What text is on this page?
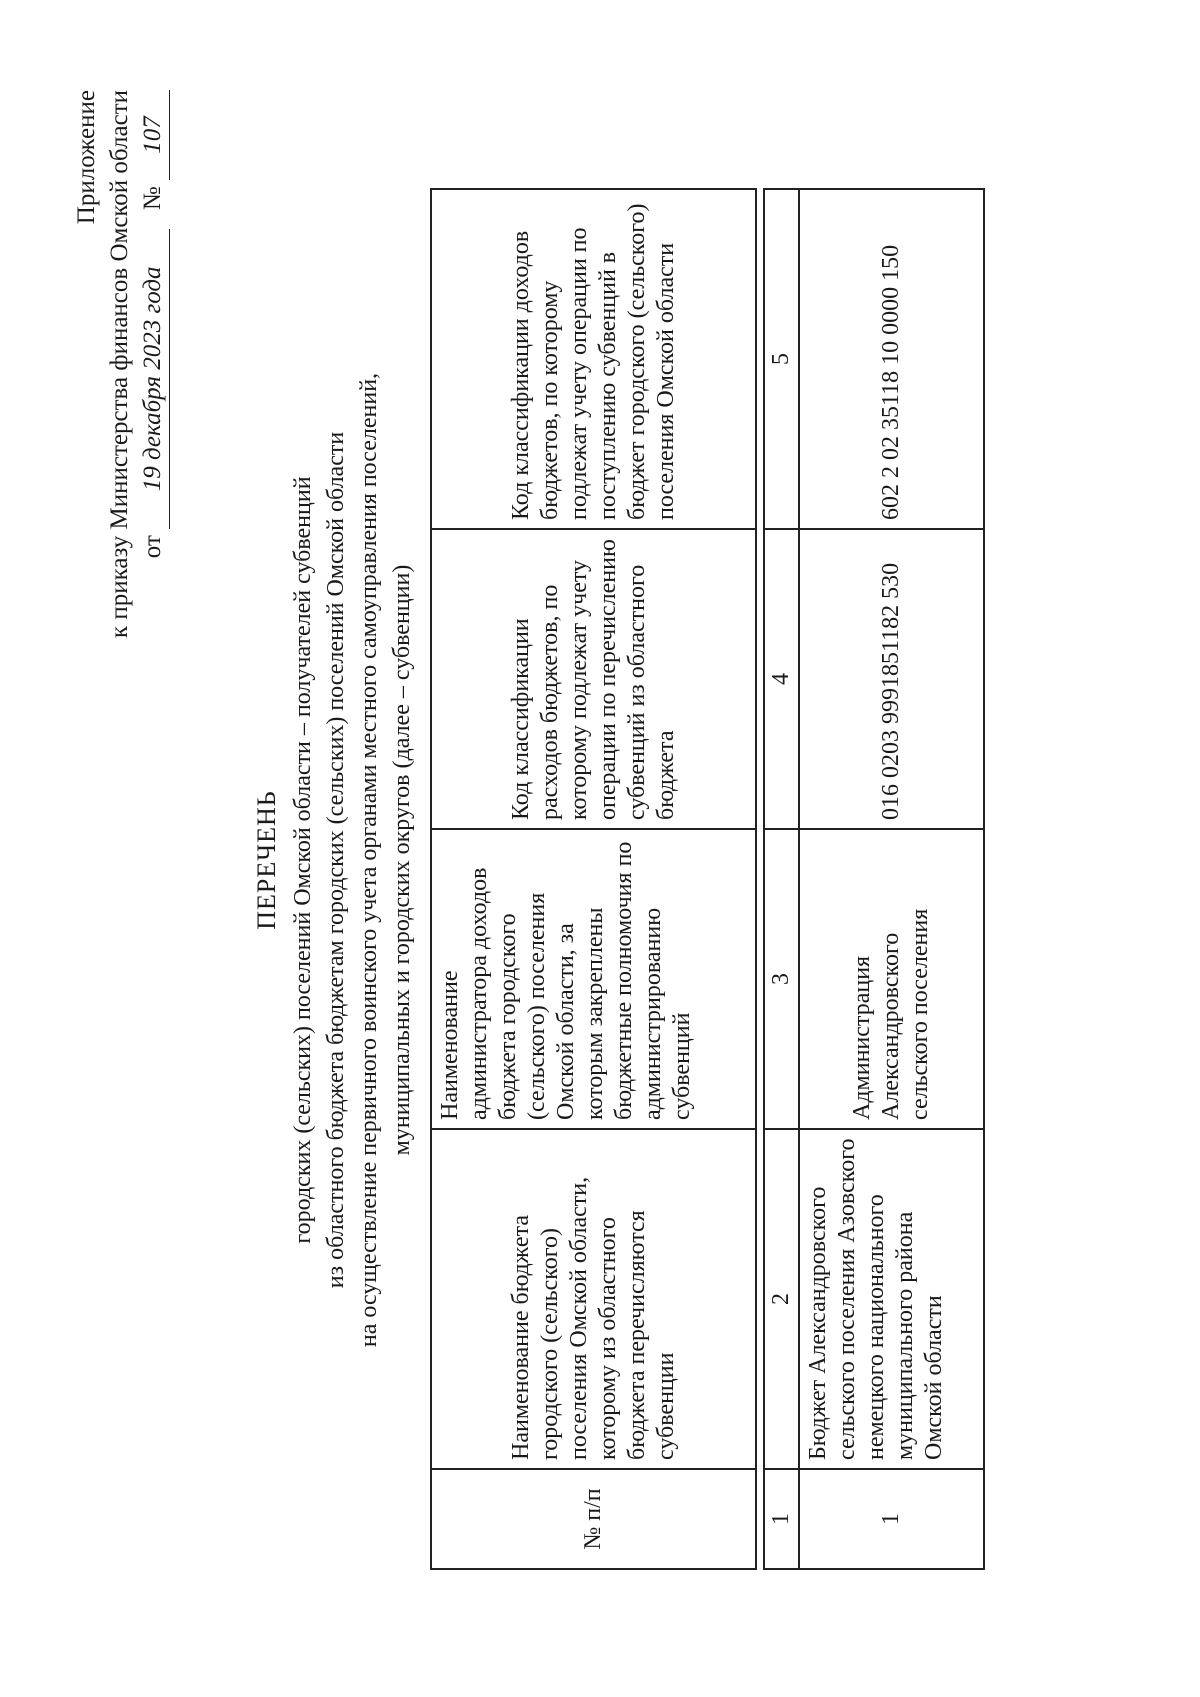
Приложение к приказу Министерства финансов Омской области от 19 декабря 2023 года   № 107
ПЕРЕЧЕНЬ городских (сельских) поселений Омской области – получателей субвенций из областного бюджета бюджетам городских (сельских) поселений Омской области на осуществление первичного воинского учета органами местного самоуправления поселений, муниципальных и городских округов (далее – субвенции)
№ п/п	Наименование бюджета городского (сельского) поселения Омской области, которому из областного бюджета перечисляются субвенции	Наименование администратора доходов бюджета городского (сельского) поселения Омской области, за которым закреплены бюджетные полномочия по администрированию субвенций	Код классификации расходов бюджетов, по которому подлежат учету операции по перечислению субвенций из областного бюджета	Код классификации доходов бюджетов, по которому подлежат учету операции по поступлению субвенций в бюджет городского (сельского) поселения Омской области

1	2	3	4	5
1	Бюджет Александровского сельского поселения Азовского немецкого национального муниципального района Омской области	Администрация Александровского сельского поселения	016 0203 9991851182 530	602 2 02 35118 10 0000 150
